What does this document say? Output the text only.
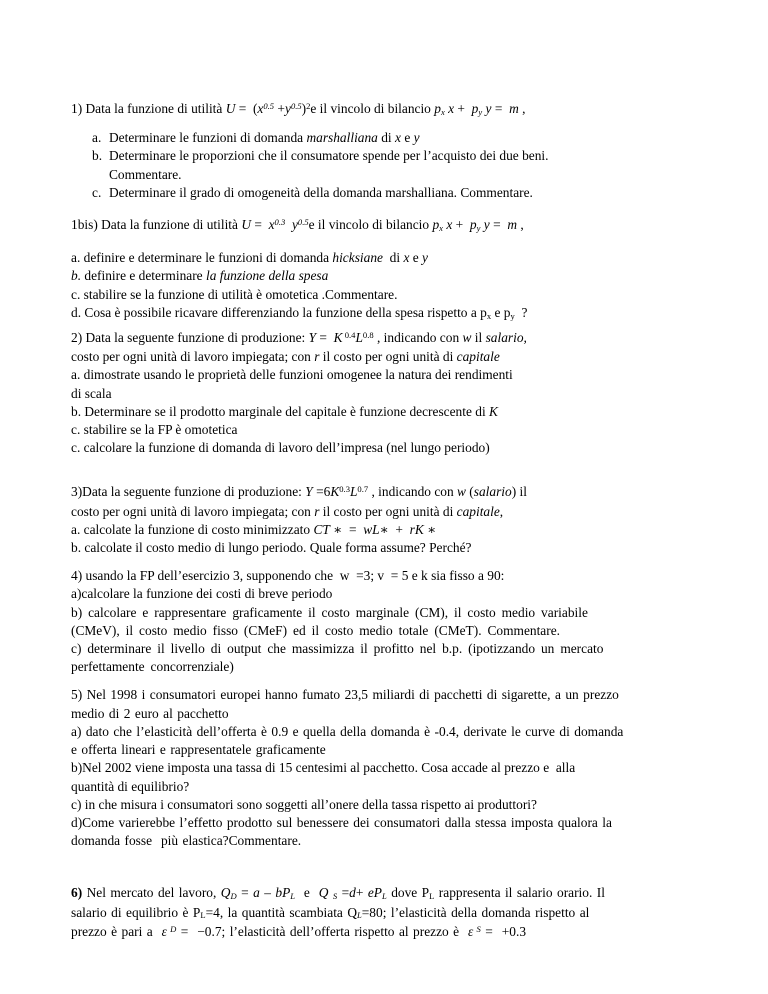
1) Data la funzione di utilità $U = (x^{0.5} +y^{0.5})^2e$ il vincolo di bilancio px x +  py y =  m ,

a. Determinare le funzioni di domanda marshalliana di x e y
b. Determinare le proporzioni che il consumatore spende per l’acquisto dei due beni.
Commentare.
c. Determinare il grado di omogeneità della domanda marshalliana. Commentare.

1bis) Data la funzione di utilità $U = x^{0.3}$ $y^{0.5}e$ il vincolo di bilancio px x +  py y =  m ,

a. definire e determinare le funzioni di domanda hicksiane  di x e y

b. definire e determinare la funzione della spesa

c. stabilire se la funzione di utilità è omotetica .Commentare.

d. Cosa è possibile ricavare differenziando la funzione della spesa rispetto a px e py  ?

2) Data la seguente funzione di produzione: Y =  K $^{0.4}L^{0.8}$ , indicando con w il salario,
costo per ogni unità di lavoro impiegata; con r il costo per ogni unità di capitale

a. dimostrate usando le proprietà delle funzioni omogenee la natura dei rendimenti
di scala

b. Determinare se il prodotto marginale del capitale è funzione decrescente di K

c. stabilire se la FP è omotetica

c. calcolare la funzione di domanda di lavoro dell’impresa (nel lungo periodo)

3)Data la seguente funzione di produzione: $Y =6K^{0.3}L^{0.7}$ , indicando con w (salario) il
costo per ogni unità di lavoro impiegata; con r il costo per ogni unità di capitale,

a. calcolate la funzione di costo minimizzato CT ∗  =  wL∗  +  rK ∗

b. calcolate il costo medio di lungo periodo. Quale forma assume? Perché?

4) usando la FP dell’esercizio 3, supponendo che  w  =3; v  = 5 e k sia fisso a 90:

a)calcolare la funzione dei costi di breve periodo

b) calcolare e rappresentare graficamente il costo marginale (CM), il costo medio variabile
(CMeV), il costo medio fisso (CMeF) ed il costo medio totale (CMeT). Commentare.

c) determinare il livello di output che massimizza il profitto nel b.p. (ipotizzando un mercato
perfettamente concorrenziale)

5) Nel 1998 i consumatori europei hanno fumato 23,5 miliardi di pacchetti di sigarette, a un prezzo
medio di 2 euro al pacchetto

a) dato che l’elasticità dell’offerta è 0.9 e quella della domanda è -0.4, derivate le curve di domanda
e offerta lineari e rappresentatele graficamente

b)Nel 2002 viene imposta una tassa di 15 centesimi al pacchetto. Cosa accade al prezzo e  alla
quantità di equilibrio?

c) in che misura i consumatori sono soggetti all’onere della tassa rispetto ai produttori?

d)Come varierebbe l’effetto prodotto sul benessere dei consumatori dalla stessa imposta qualora la
domanda fosse  più elastica?Commentare.

6) Nel mercato del lavoro, QD = a – bPL  e  Q S =d+ ePL dove PL rappresenta il salario orario. Il
salario di equilibrio è PL=4, la quantità scambiata QL=80; l’elasticità della domanda rispetto al
prezzo è pari a  ε $^D$ =  −0.7; l’elasticità dell’offerta rispetto al prezzo è  ε $^S$ =  +0.3
